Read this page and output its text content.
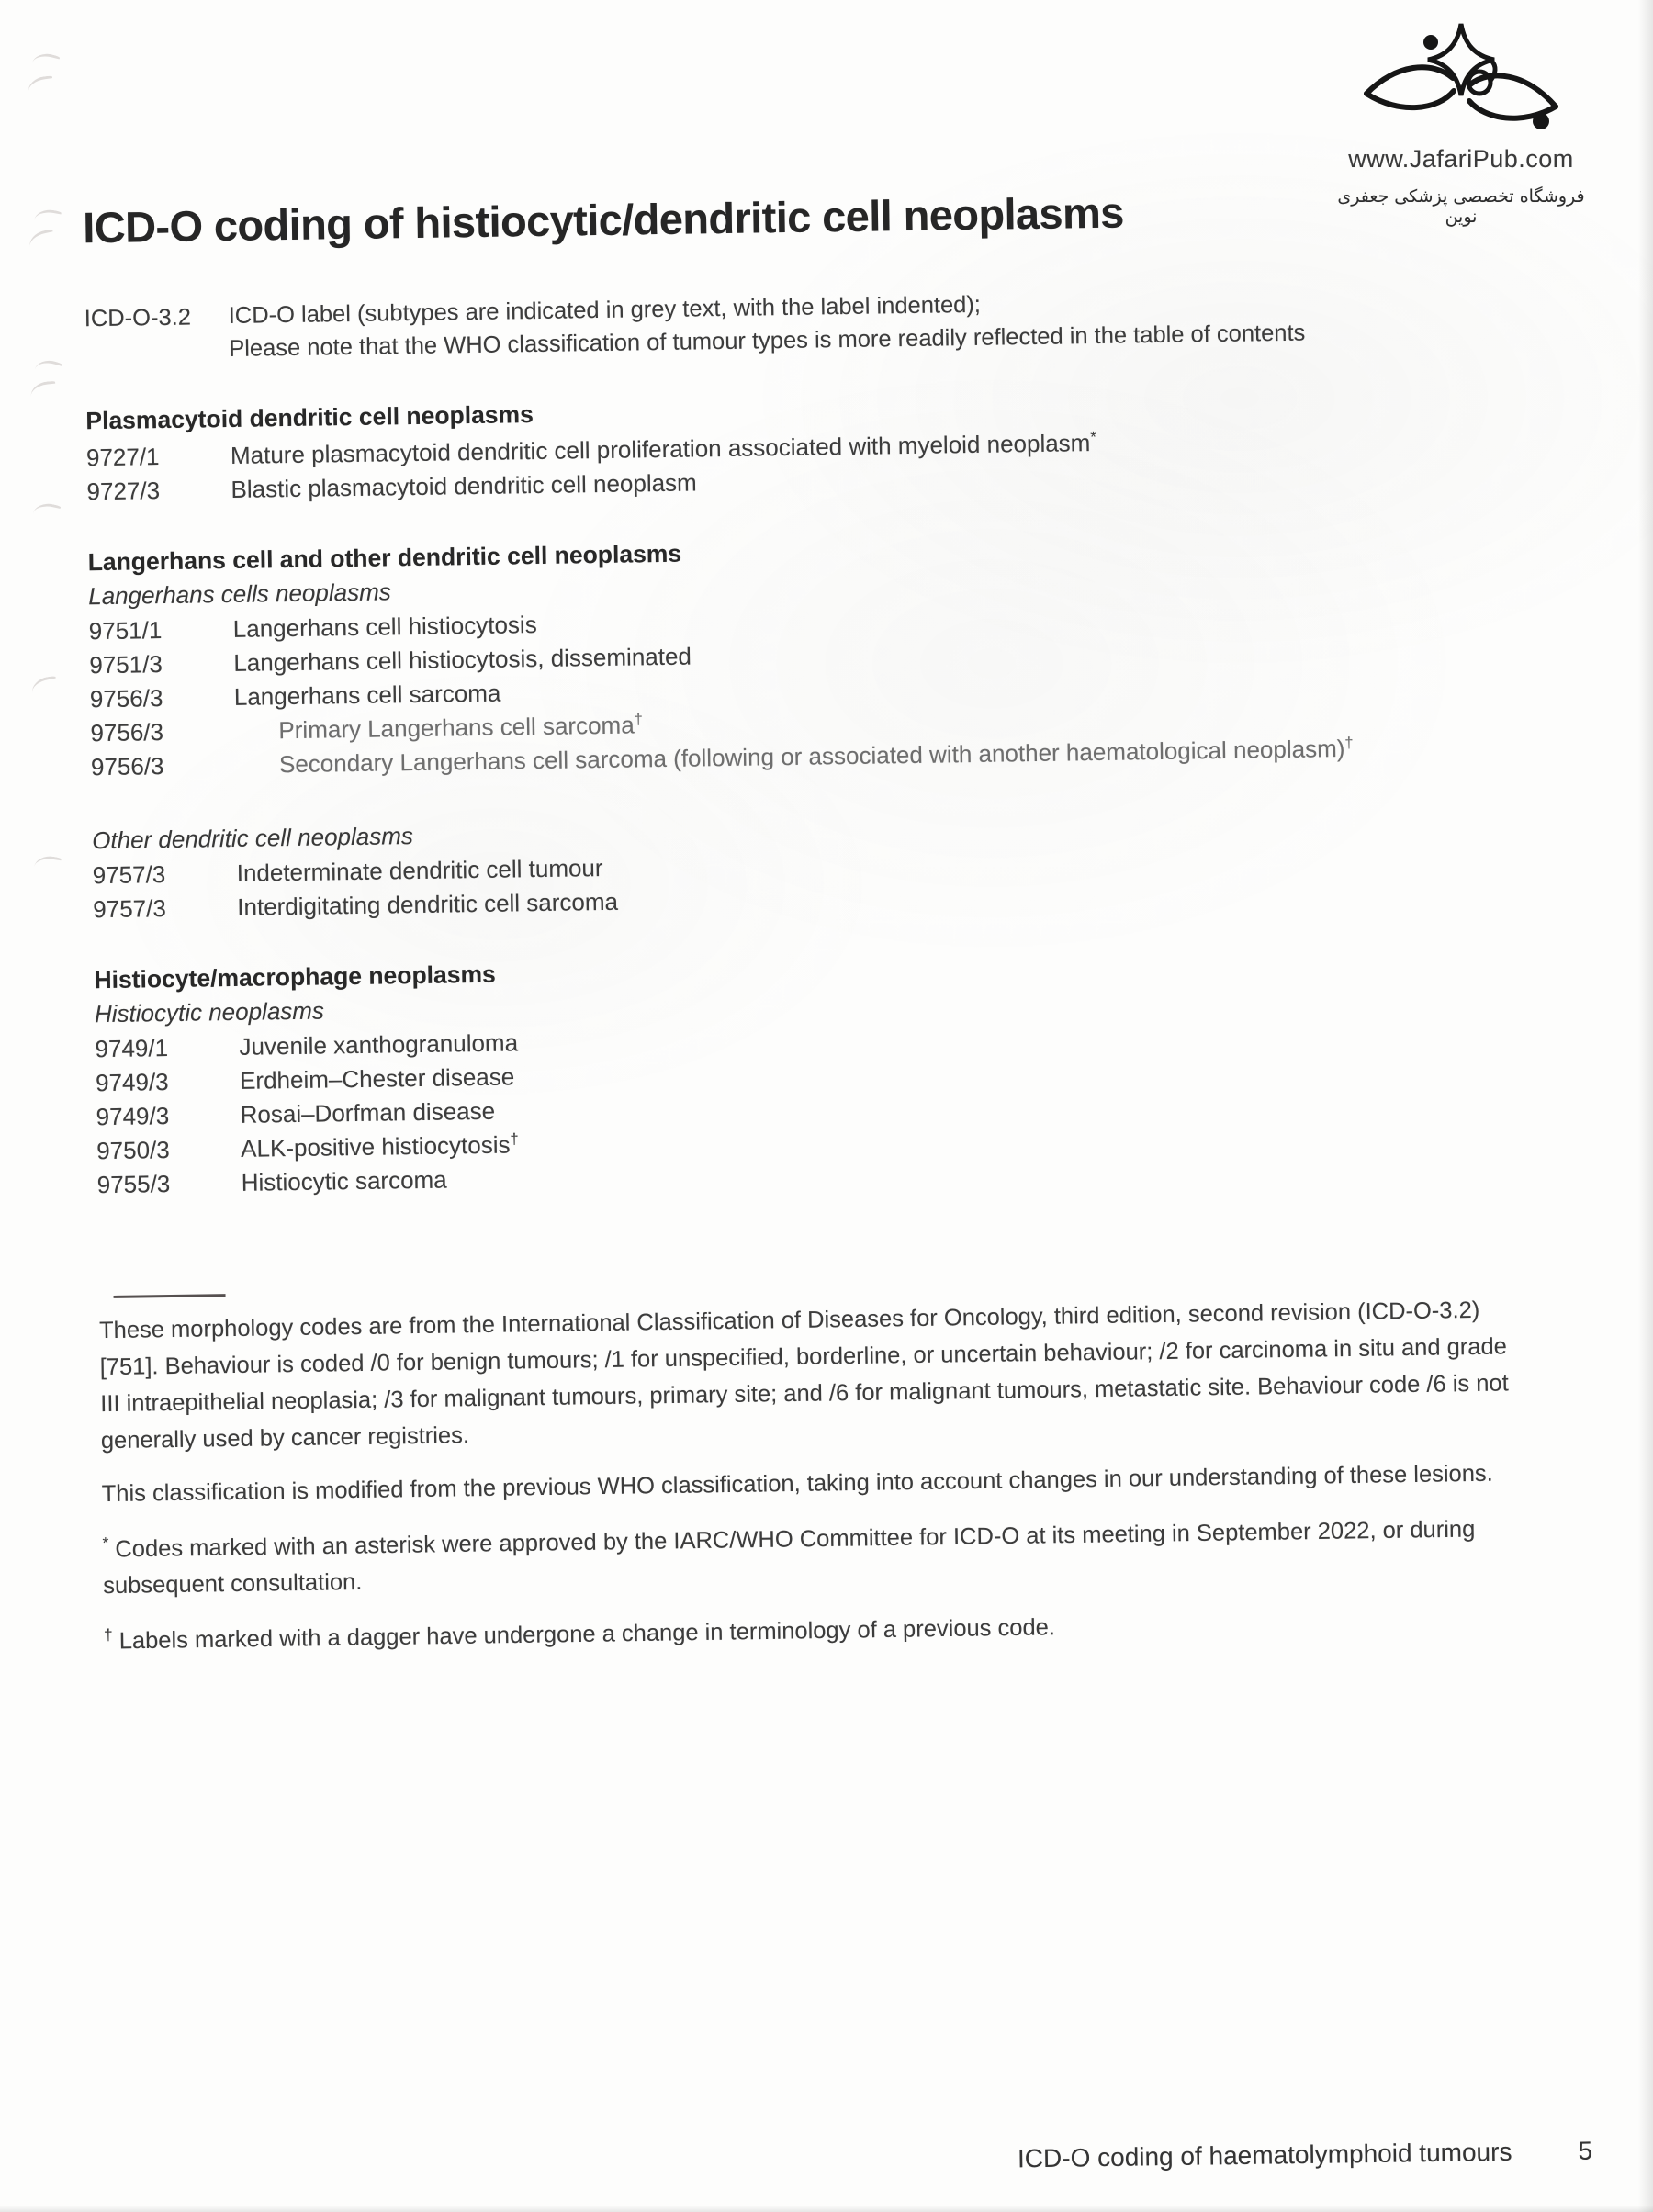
www.JafariPub.com
فروشگاه تخصصی پزشکی جعفری نوین
ICD-O coding of histiocytic/dendritic cell neoplasms
ICD-O-3.2	ICD-O label (subtypes are indicated in grey text, with the label indented);
Please note that the WHO classification of tumour types is more readily reflected in the table of contents
Plasmacytoid dendritic cell neoplasms
9727/1	Mature plasmacytoid dendritic cell proliferation associated with myeloid neoplasm*
9727/3	Blastic plasmacytoid dendritic cell neoplasm
Langerhans cell and other dendritic cell neoplasms
Langerhans cells neoplasms
9751/1	Langerhans cell histiocytosis
9751/3	Langerhans cell histiocytosis, disseminated
9756/3	Langerhans cell sarcoma
9756/3	Primary Langerhans cell sarcoma†
9756/3	Secondary Langerhans cell sarcoma (following or associated with another haematological neoplasm)†
Other dendritic cell neoplasms
9757/3	Indeterminate dendritic cell tumour
9757/3	Interdigitating dendritic cell sarcoma
Histiocyte/macrophage neoplasms
Histiocytic neoplasms
9749/1	Juvenile xanthogranuloma
9749/3	Erdheim–Chester disease
9749/3	Rosai–Dorfman disease
9750/3	ALK-positive histiocytosis†
9755/3	Histiocytic sarcoma

These morphology codes are from the International Classification of Diseases for Oncology, third edition, second revision (ICD-O-3.2) [751]. Behaviour is coded /0 for benign tumours; /1 for unspecified, borderline, or uncertain behaviour; /2 for carcinoma in situ and grade III intraepithelial neoplasia; /3 for malignant tumours, primary site; and /6 for malignant tumours, metastatic site. Behaviour code /6 is not generally used by cancer registries.

This classification is modified from the previous WHO classification, taking into account changes in our understanding of these lesions.

* Codes marked with an asterisk were approved by the IARC/WHO Committee for ICD-O at its meeting in September 2022, or during subsequent consultation.

† Labels marked with a dagger have undergone a change in terminology of a previous code.

ICD-O coding of haematolymphoid tumours	5
